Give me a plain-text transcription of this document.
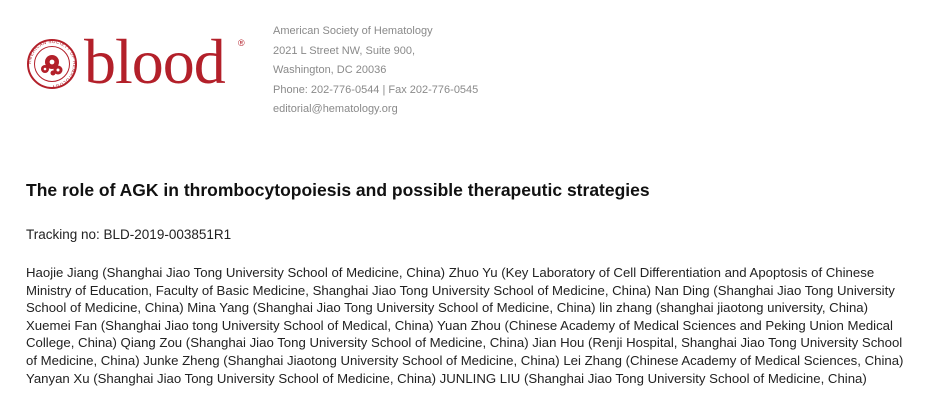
AMERICAN SOCIETY OF HEMATOLOGY blood ®
American Society of Hematology
2021 L Street NW, Suite 900,
Washington, DC 20036
Phone: 202-776-0544 | Fax 202-776-0545
editorial@hematology.org
The role of AGK in thrombocytopoiesis and possible therapeutic strategies
Tracking no: BLD-2019-003851R1
Haojie Jiang (Shanghai Jiao Tong University School of Medicine, China) Zhuo Yu (Key Laboratory of Cell Differentiation and Apoptosis of Chinese Ministry of Education, Faculty of Basic Medicine, Shanghai Jiao Tong University School of Medicine, China) Nan Ding (Shanghai Jiao Tong University School of Medicine, China) Mina Yang (Shanghai Jiao Tong University School of Medicine, China) lin zhang (shanghai jiaotong university, China) Xuemei Fan (Shanghai Jiao tong University School of Medical, China) Yuan Zhou (Chinese Academy of Medical Sciences and Peking Union Medical College, China) Qiang Zou (Shanghai Jiao Tong University School of Medicine, China) Jian Hou (Renji Hospital, Shanghai Jiao Tong University School of Medicine, China) Junke Zheng (Shanghai Jiaotong University School of Medicine, China) Lei Zhang (Chinese Academy of Medical Sciences, China) Yanyan Xu (Shanghai Jiao Tong University School of Medicine, China) JUNLING LIU (Shanghai Jiao Tong University School of Medicine, China)
